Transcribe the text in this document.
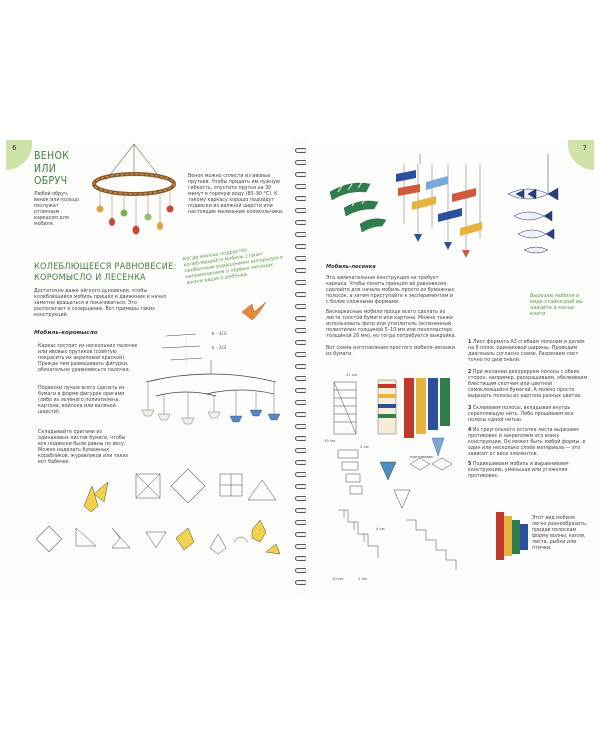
6
ВЕНОК
ИЛИ
ОБРУЧ

Любой обруч, венок или кольцо послужат отличным каркасом для мобиля.

Венок можно сплести из ивовых прутьев. Чтобы придать им нужную гибкость, опустите прутья на 30 минут в горячую воду (80–90 °С). К такому каркасу хорошо подойдут подвески из валяной шерсти или настоящие маленькие колокольчики.

Когда малыш подрастёт, колеблющийся мобиль станет необычным украшением интерьера и напоминанием о первых месяцах жизни вашего ребёнка.

КОЛЕБЛЮЩЕЕСЯ РАВНОВЕСИЕ:
КОРОМЫСЛО И ЛЕСЕНКА

Достаточно даже лёгкого дуновения, чтобы колеблющийся мобиль пришёл в движение и начал заметно вращаться и покачиваться. Это располагает к созерцанию. Вот примеры таких конструкций.

k · 1/3
k · 2/3
Мобиль-коромысло

Каркас состоит из нескольких палочек или ивовых прутиков (советую покрасить их акриловой краской). Прежде чем развешивать фигурки, обязательно уравновесьте палочки.

Подвески лучше всего сделать из бумаги в форме фигурок оригами (либо из зелёного полиэтилена, картона, войлока или валяной шерсти).

Складывайте оригами из одинаковых листов бумаги, чтобы все подвески были равны по весу. Можно наделать бумажных корабликов, журавликов или таких вот бабочек.

7

Вырезаю мобиля в виде стайки рыб вы найдёте в конце книги.

Мобиль-лесенка

Эта замечательная конструкция не требует каркаса. Чтобы понять принцип её равновесия, сделайте для начала мобиль просто из бумажных полосок, а затем приступайте к экспериментам и с более сложными формами.

Бескаркасные мобили проще всего сделать из листа толстой бумаги или картона. Можно также использовать фетр или утеплитель (вспененный полиэтилен толщиной 5–10 мм или пенопластерс толщиной 20 мм), но тогда потребуется выкройка.

Вот схема изготовления простого мобиля-лесенки из бумаги.

1 Лист формата А3 сгибаем пополам и делим на 6 полос одинаковой ширины. Проводим диагональ согласно схеме. Разрезаем лист точно по диагонали.
2 При желании декорируем полосы с обеих сторон: например, раскрашиваем, обклеиваем блестящим скотчем или цветной самоклеящейся бумагой. А можно просто вырезать полосы из картона разных цветов.
3 Склеиваем полосы, вкладывая внутрь скрепляющую нить. Либо прошиваем все полосы одной нитью.
4 Из треугольного остатка листа вырезаем противовес и закрепляем его внизу конструкции. Он может быть любой формы, в один или несколько слоёв материала — это зависит от веса элементов.
5 Подвешиваем мобиль и выравниваем конструкцию, уменьшая или утяжеляя противовес.
21 см
2 см
15 см
противовес
10 см	1 см
4 см

Этот вид мобиля легко разнообразить, придав полоскам форму волны, капли, листа, рыбки или птички.
